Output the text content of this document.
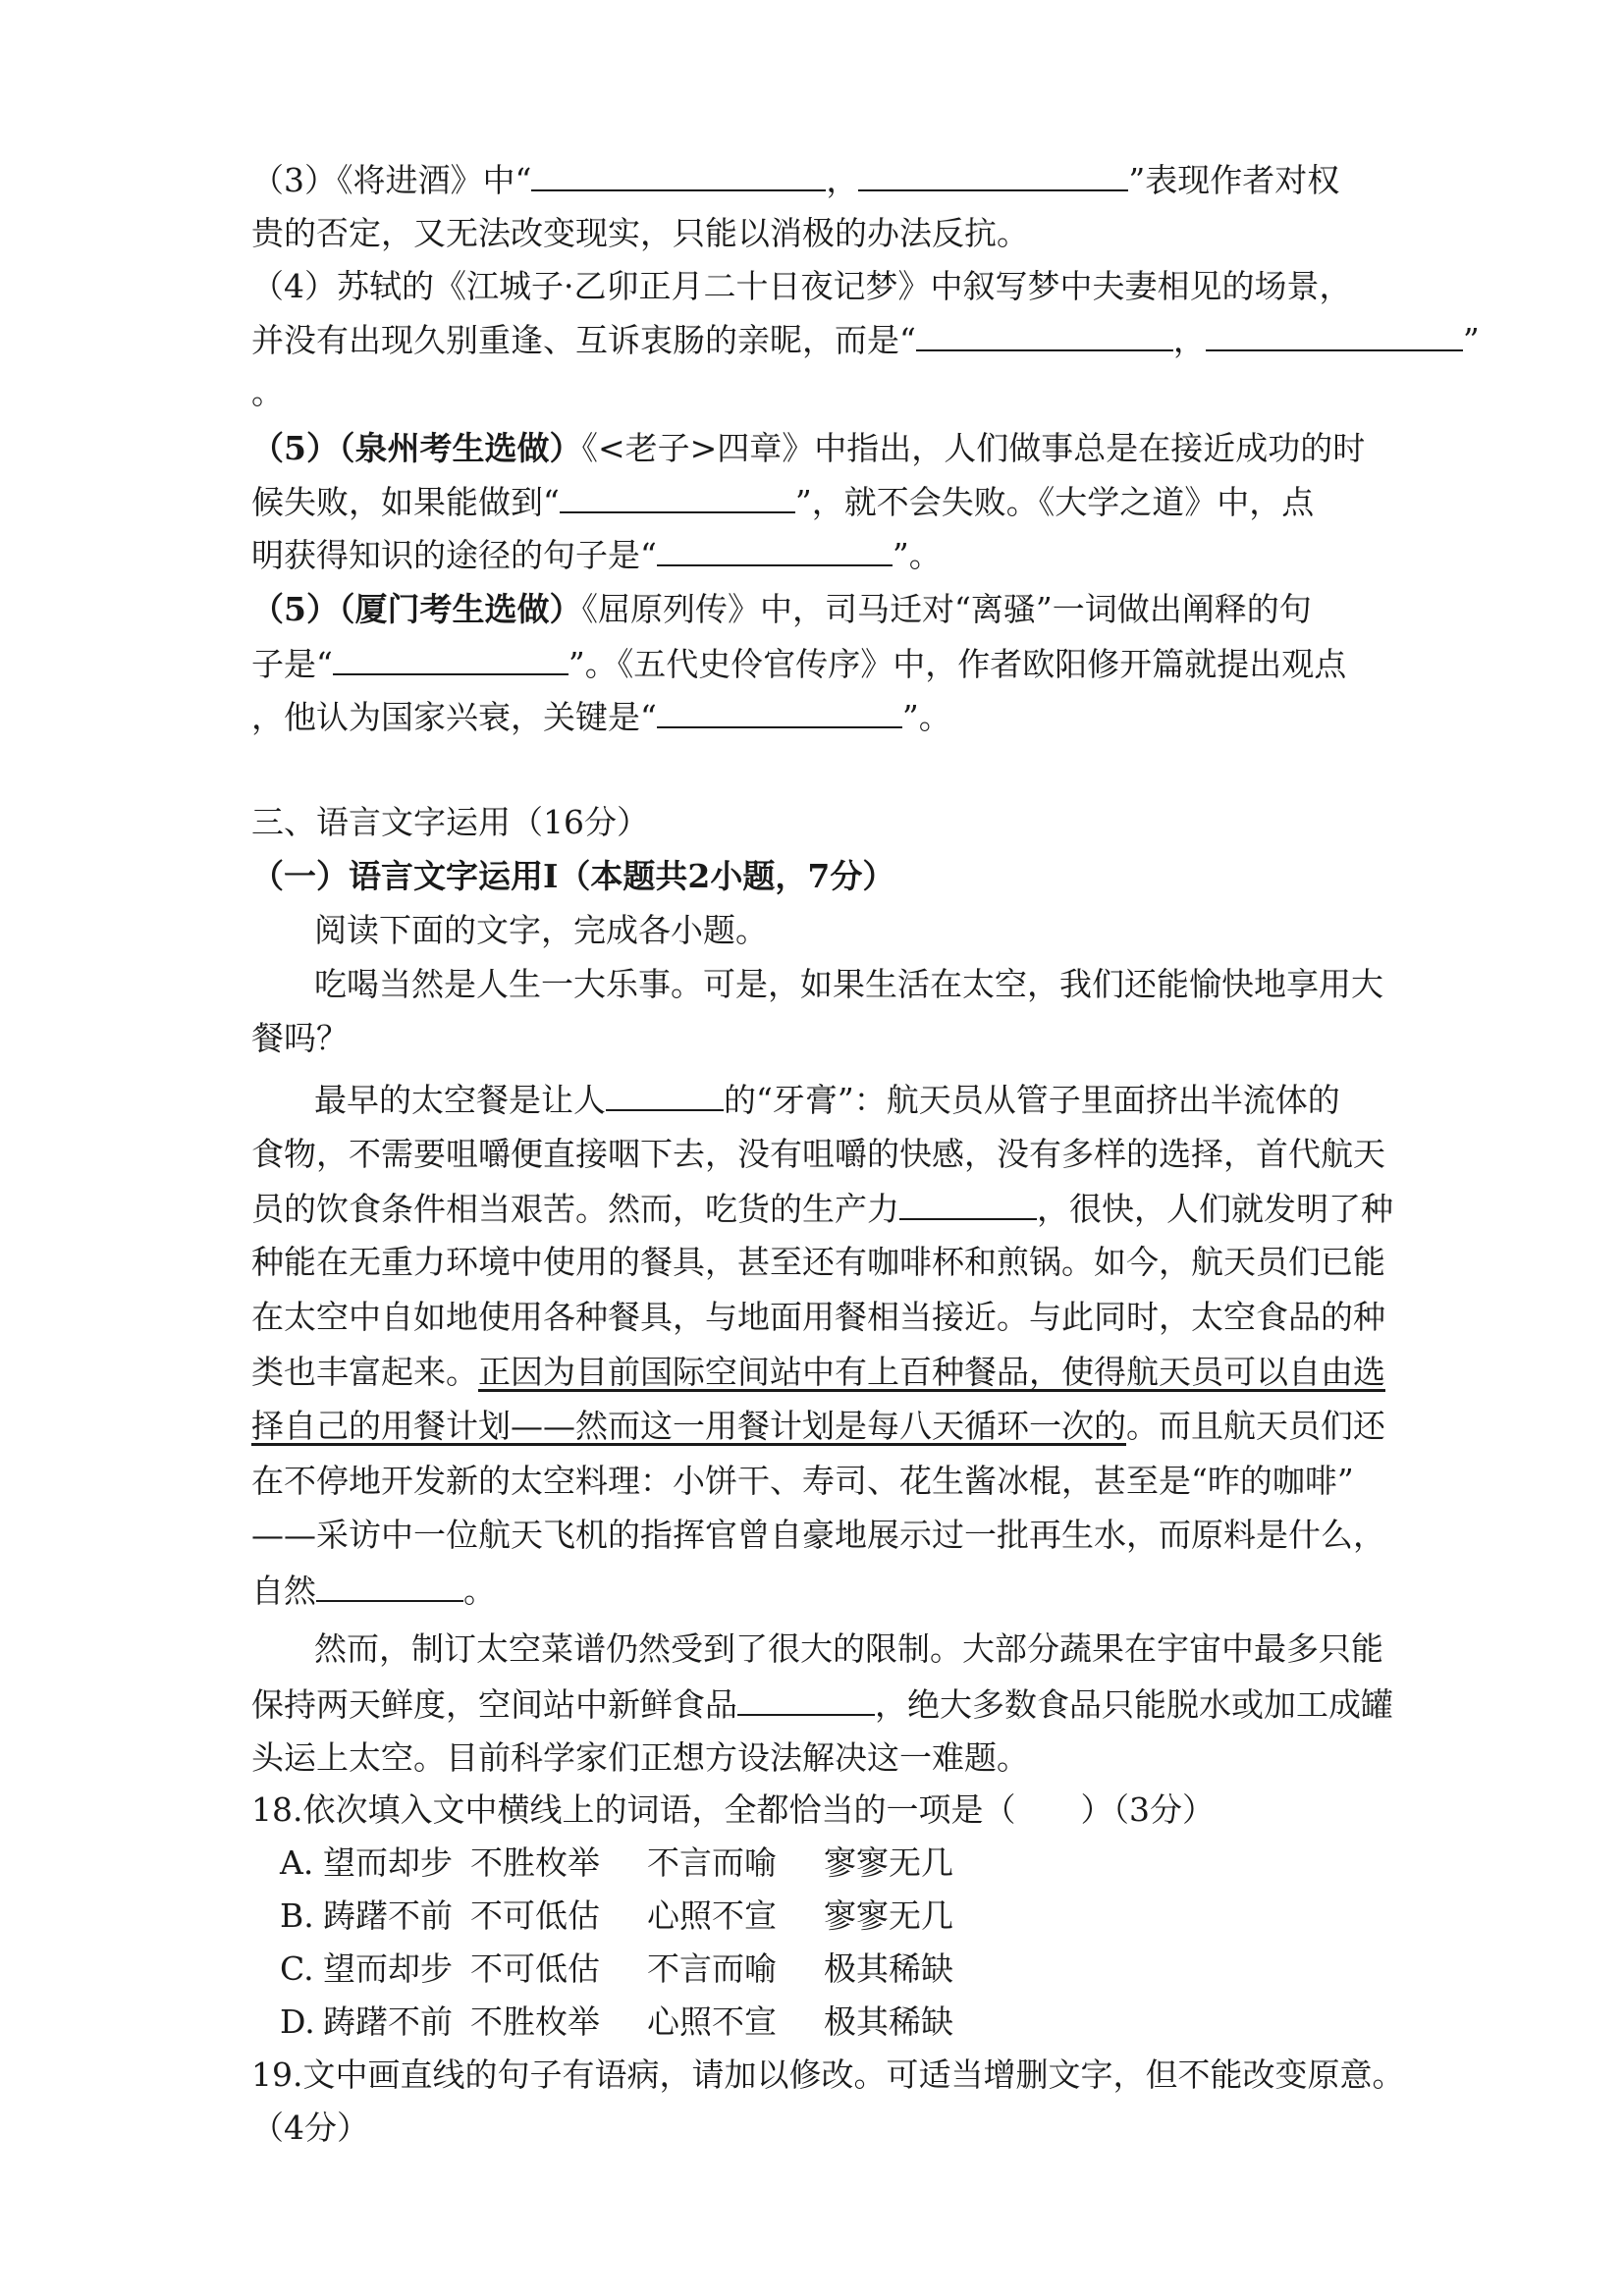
（3）《将进酒》中“	，	”表现作者对权
贵的否定，又无法改变现实，只能以消极的办法反抗。
（4）苏轼的《江城子·乙卯正月二十日夜记梦》中叙写梦中夫妻相见的场景，
并没有出现久别重逢、互诉衷肠的亲昵，而是“	，	”
。
（5）（泉州考生选做）《<老子>四章》中指出，人们做事总是在接近成功的时
候失败，如果能做到“	”，就不会失败。《大学之道》中，点
明获得知识的途径的句子是“	”。
（5）（厦门考生选做）《屈原列传》中，司马迁对“离骚”一词做出阐释的句
子是“	”。《五代史伶官传序》中，作者欧阳修开篇就提出观点
，他认为国家兴衰，关键是“	”。
三、语言文字运用（16分）
（一）语言文字运用Ⅰ（本题共2小题，7分）
阅读下面的文字，完成各小题。
吃喝当然是人生一大乐事。可是，如果生活在太空，我们还能愉快地享用大
餐吗？
最早的太空餐是让人	的“牙膏”：航天员从管子里面挤出半流体的
食物，不需要咀嚼便直接咽下去，没有咀嚼的快感，没有多样的选择，首代航天
员的饮食条件相当艰苦。然而，吃货的生产力	，很快，人们就发明了种
种能在无重力环境中使用的餐具，甚至还有咖啡杯和煎锅。如今，航天员们已能
在太空中自如地使用各种餐具，与地面用餐相当接近。与此同时，太空食品的种
类也丰富起来。正因为目前国际空间站中有上百种餐品，使得航天员可以自由选
择自己的用餐计划——然而这一用餐计划是每八天循环一次的。而且航天员们还
在不停地开发新的太空料理：小饼干、寿司、花生酱冰棍，甚至是“昨的咖啡”
——采访中一位航天飞机的指挥官曾自豪地展示过一批再生水，而原料是什么，
自然	。
然而，制订太空菜谱仍然受到了很大的限制。大部分蔬果在宇宙中最多只能
保持两天鲜度，空间站中新鲜食品	，绝大多数食品只能脱水或加工成罐
头运上太空。目前科学家们正想方设法解决这一难题。
18.依次填入文中横线上的词语，全都恰当的一项是（　　）（3分）
A. 望而却步 不胜枚举 不言而喻 寥寥无几
B. 踌躇不前 不可低估 心照不宣 寥寥无几
C. 望而却步 不可低估 不言而喻 极其稀缺
D. 踌躇不前 不胜枚举 心照不宣 极其稀缺
19.文中画直线的句子有语病，请加以修改。可适当增删文字，但不能改变原意。
（4分）
